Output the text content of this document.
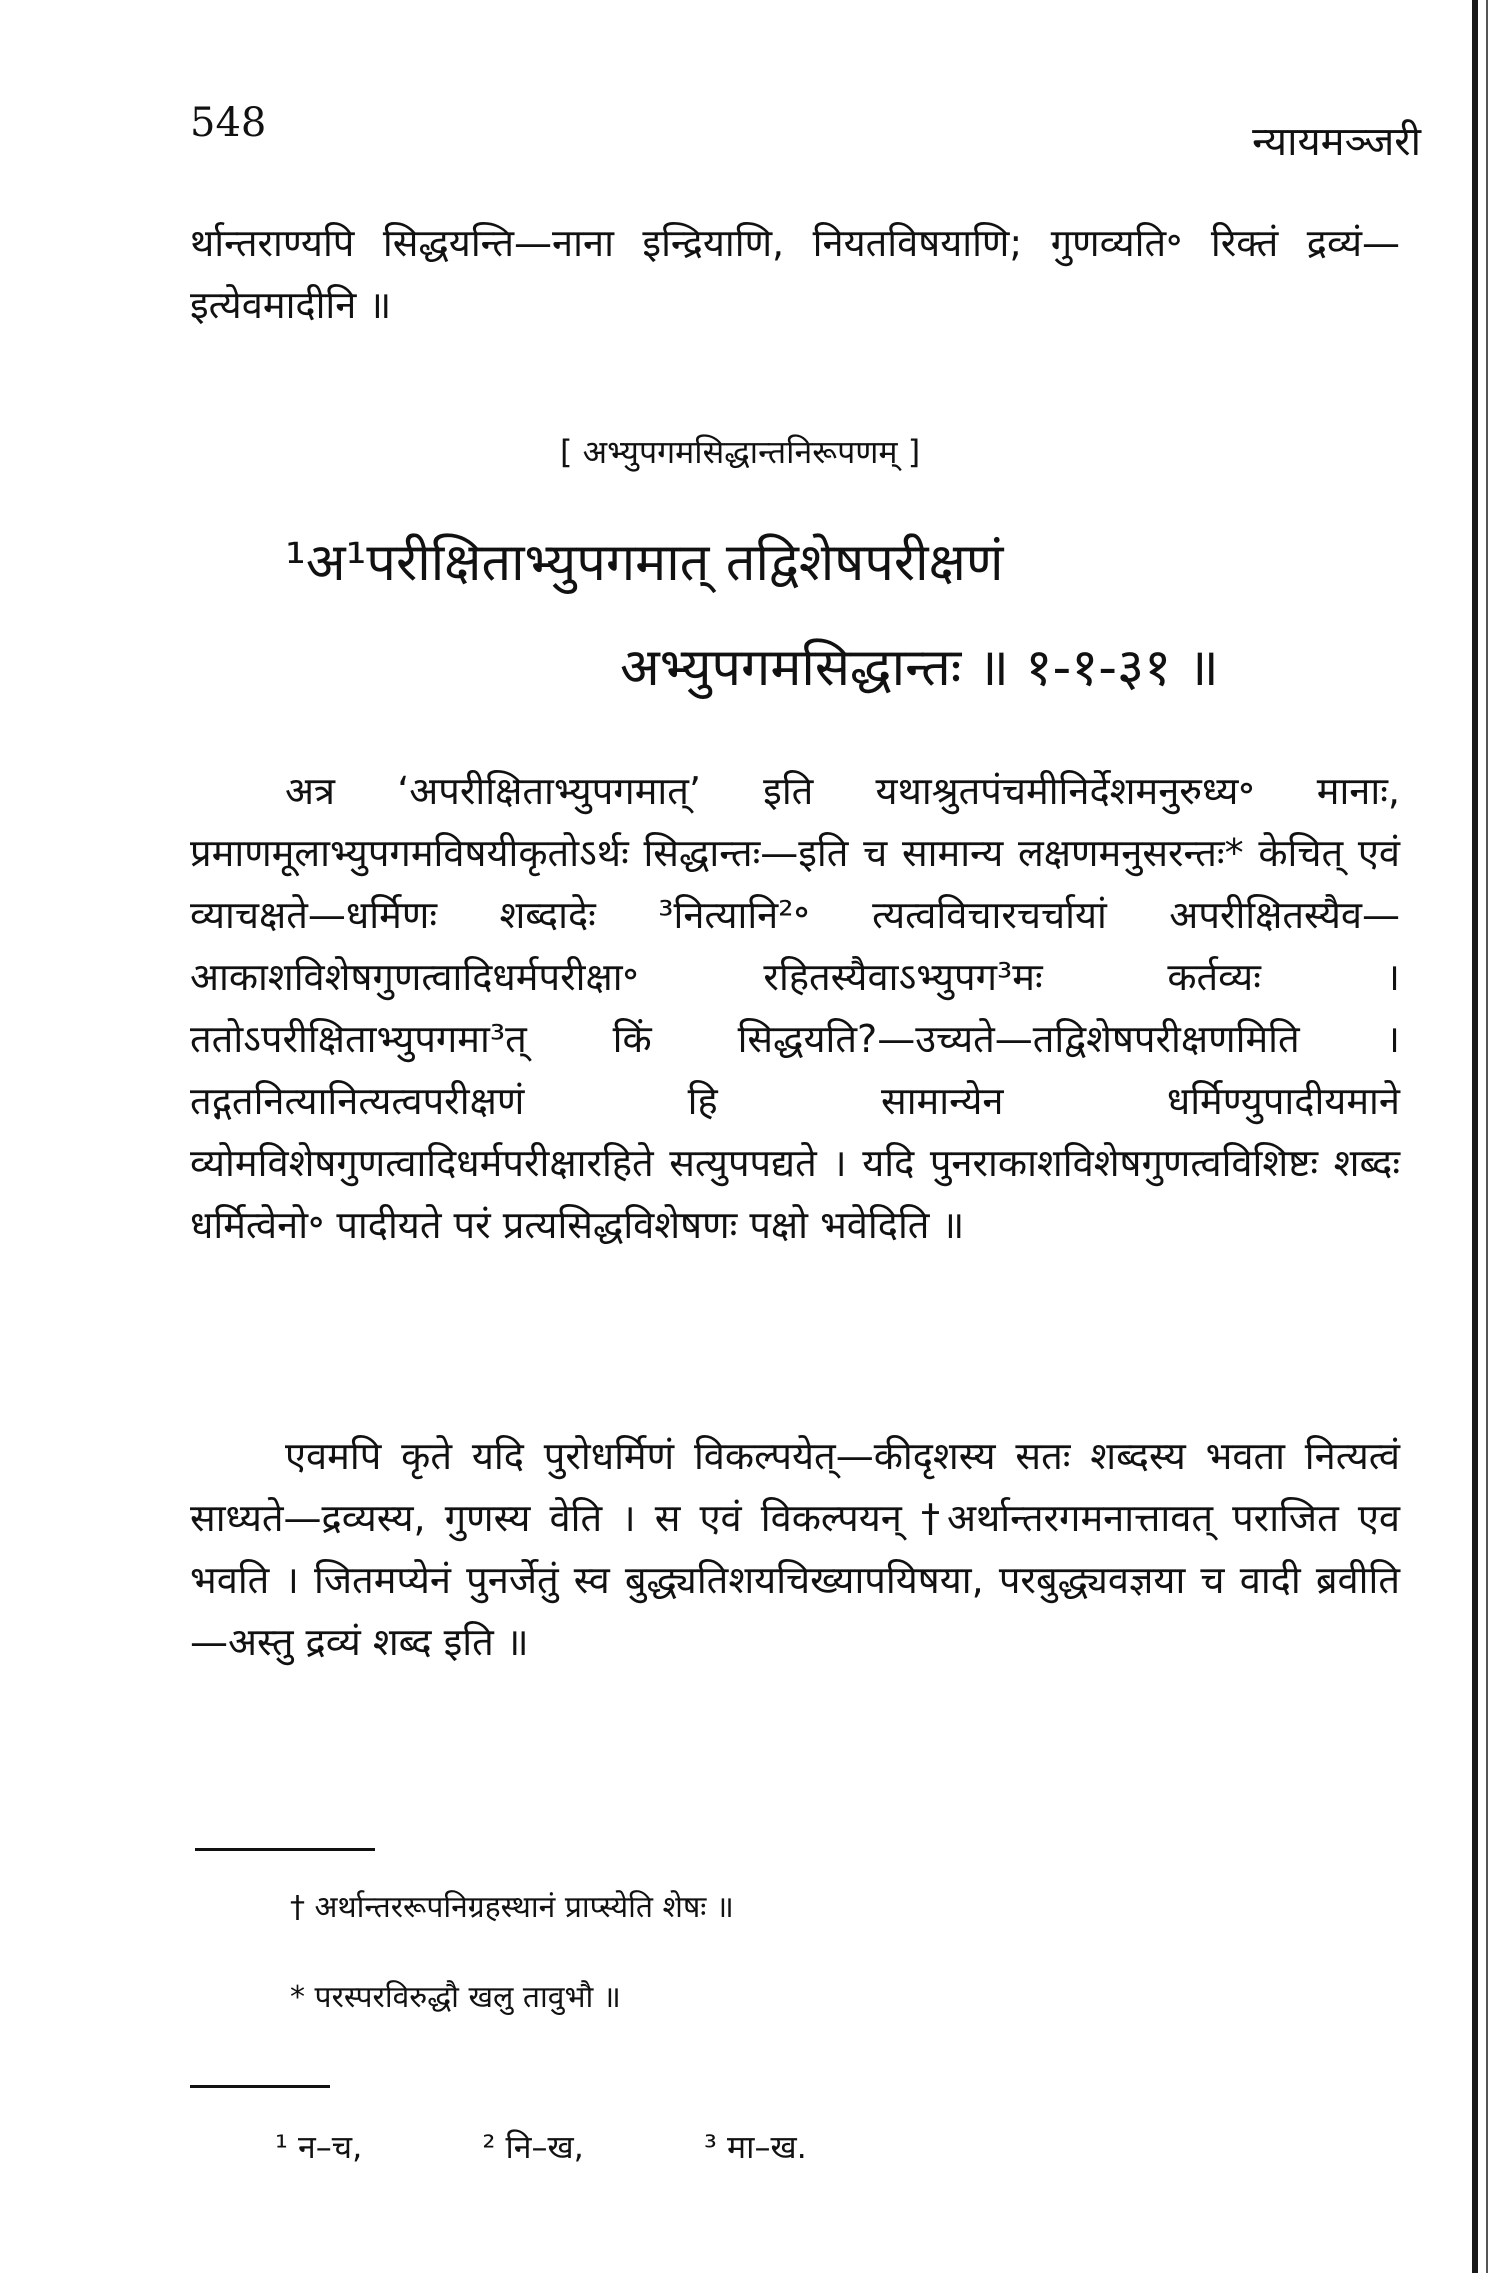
548	न्यायमञ्जरी
र्थान्तराण्यपि सिद्धयन्ति—नाना इन्द्रियाणि, नियतविषयाणि; गुणव्यति॰ रिक्तं द्रव्यं—इत्येवमादीनि ॥
[ अभ्युपगमसिद्धान्तनिरूपणम् ]
¹अ¹परीक्षिताभ्युपगमात् तद्विशेषपरीक्षणं
अभ्युपगमसिद्धान्तः ॥ १-१-३१ ॥
अत्र ‘अपरीक्षिताभ्युपगमात्’ इति यथाश्रुतपंचमीनिर्देशमनुरुध्य॰ मानाः, प्रमाणमूलाभ्युपगमविषयीकृतोऽर्थः सिद्धान्तः—इति च सामान्य लक्षणमनुसरन्तः* केचित् एवं व्याचक्षते—धर्मिणः शब्दादेः ³नित्यानि²॰ त्यत्वविचारचर्चायां अपरीक्षितस्यैव—आकाशविशेषगुणत्वादिधर्मपरीक्षा॰ रहितस्यैवाऽभ्युपग³मः कर्तव्यः । ततोऽपरीक्षिताभ्युपगमा³त् किं सिद्धयति?—उच्यते—तद्विशेषपरीक्षणमिति । तद्गतनित्यानित्यत्वपरीक्षणं हि सामान्येन धर्मिण्युपादीयमाने व्योमविशेषगुणत्वादिधर्मपरीक्षारहिते सत्युपपद्यते । यदि पुनराकाशविशेषगुणत्वविशिष्टः शब्दः धर्मित्वेनो॰ पादीयते परं प्रत्यसिद्धविशेषणः पक्षो भवेदिति ॥
एवमपि कृते यदि पुरोधर्मिणं विकल्पयेत्—कीदृशस्य सतः शब्दस्य भवता नित्यत्वं साध्यते—द्रव्यस्य, गुणस्य वेति । स एवं विकल्पयन् †अर्थान्तरगमनात्तावत् पराजित एव भवति । जितमप्येनं पुनर्जेतुं स्व बुद्ध्यतिशयचिख्यापयिषया, परबुद्ध्यवज्ञया च वादी ब्रवीति—अस्तु द्रव्यं शब्द इति ॥
† अर्थान्तररूपनिग्रहस्थानं प्राप्स्येति शेषः ॥
* परस्परविरुद्धौ खलु तावुभौ ॥
¹ न–च,	² नि–ख,	³ मा–ख.
